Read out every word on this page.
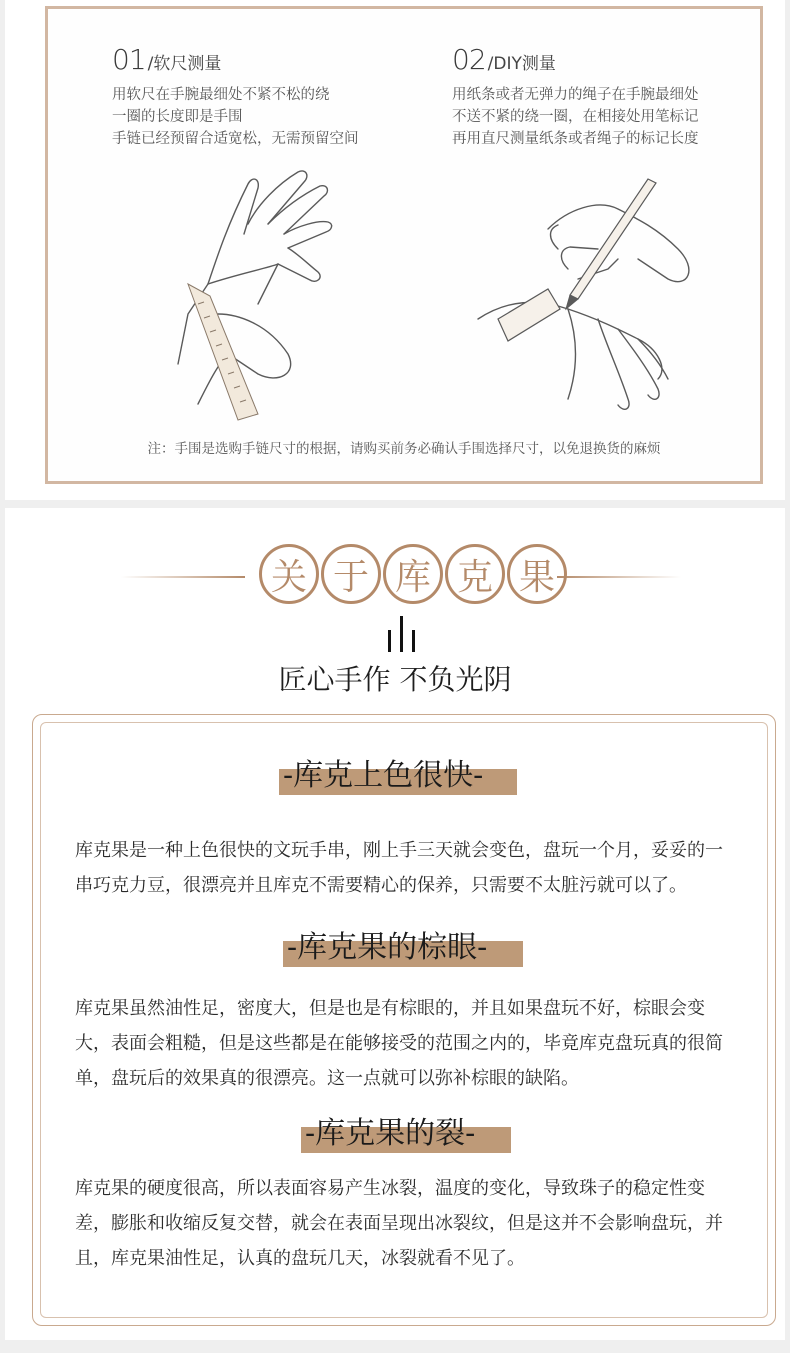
01 /软尺测量
用软尺在手腕最细处不紧不松的绕
一圈的长度即是手围
手链已经预留合适宽松，无需预留空间
02 /DIY测量
用纸条或者无弹力的绳子在手腕最细处
不送不紧的绕一圈，在相接处用笔标记
再用直尺测量纸条或者绳子的标记长度
注：手围是选购手链尺寸的根据，请购买前务必确认手围选择尺寸，以免退换货的麻烦
关 于 库 克 果
匠心手作 不负光阴
-库克上色很快-
库克果是一种上色很快的文玩手串，刚上手三天就会变色，盘玩一个月，妥妥的一串巧克力豆，很漂亮并且库克不需要精心的保养，只需要不太脏污就可以了。
-库克果的棕眼-
库克果虽然油性足，密度大，但是也是有棕眼的，并且如果盘玩不好，棕眼会变大，表面会粗糙，但是这些都是在能够接受的范围之内的，毕竟库克盘玩真的很简单，盘玩后的效果真的很漂亮。这一点就可以弥补棕眼的缺陷。
-库克果的裂-
库克果的硬度很高，所以表面容易产生冰裂，温度的变化，导致珠子的稳定性变差，膨胀和收缩反复交替，就会在表面呈现出冰裂纹，但是这并不会影响盘玩，并且，库克果油性足，认真的盘玩几天，冰裂就看不见了。
